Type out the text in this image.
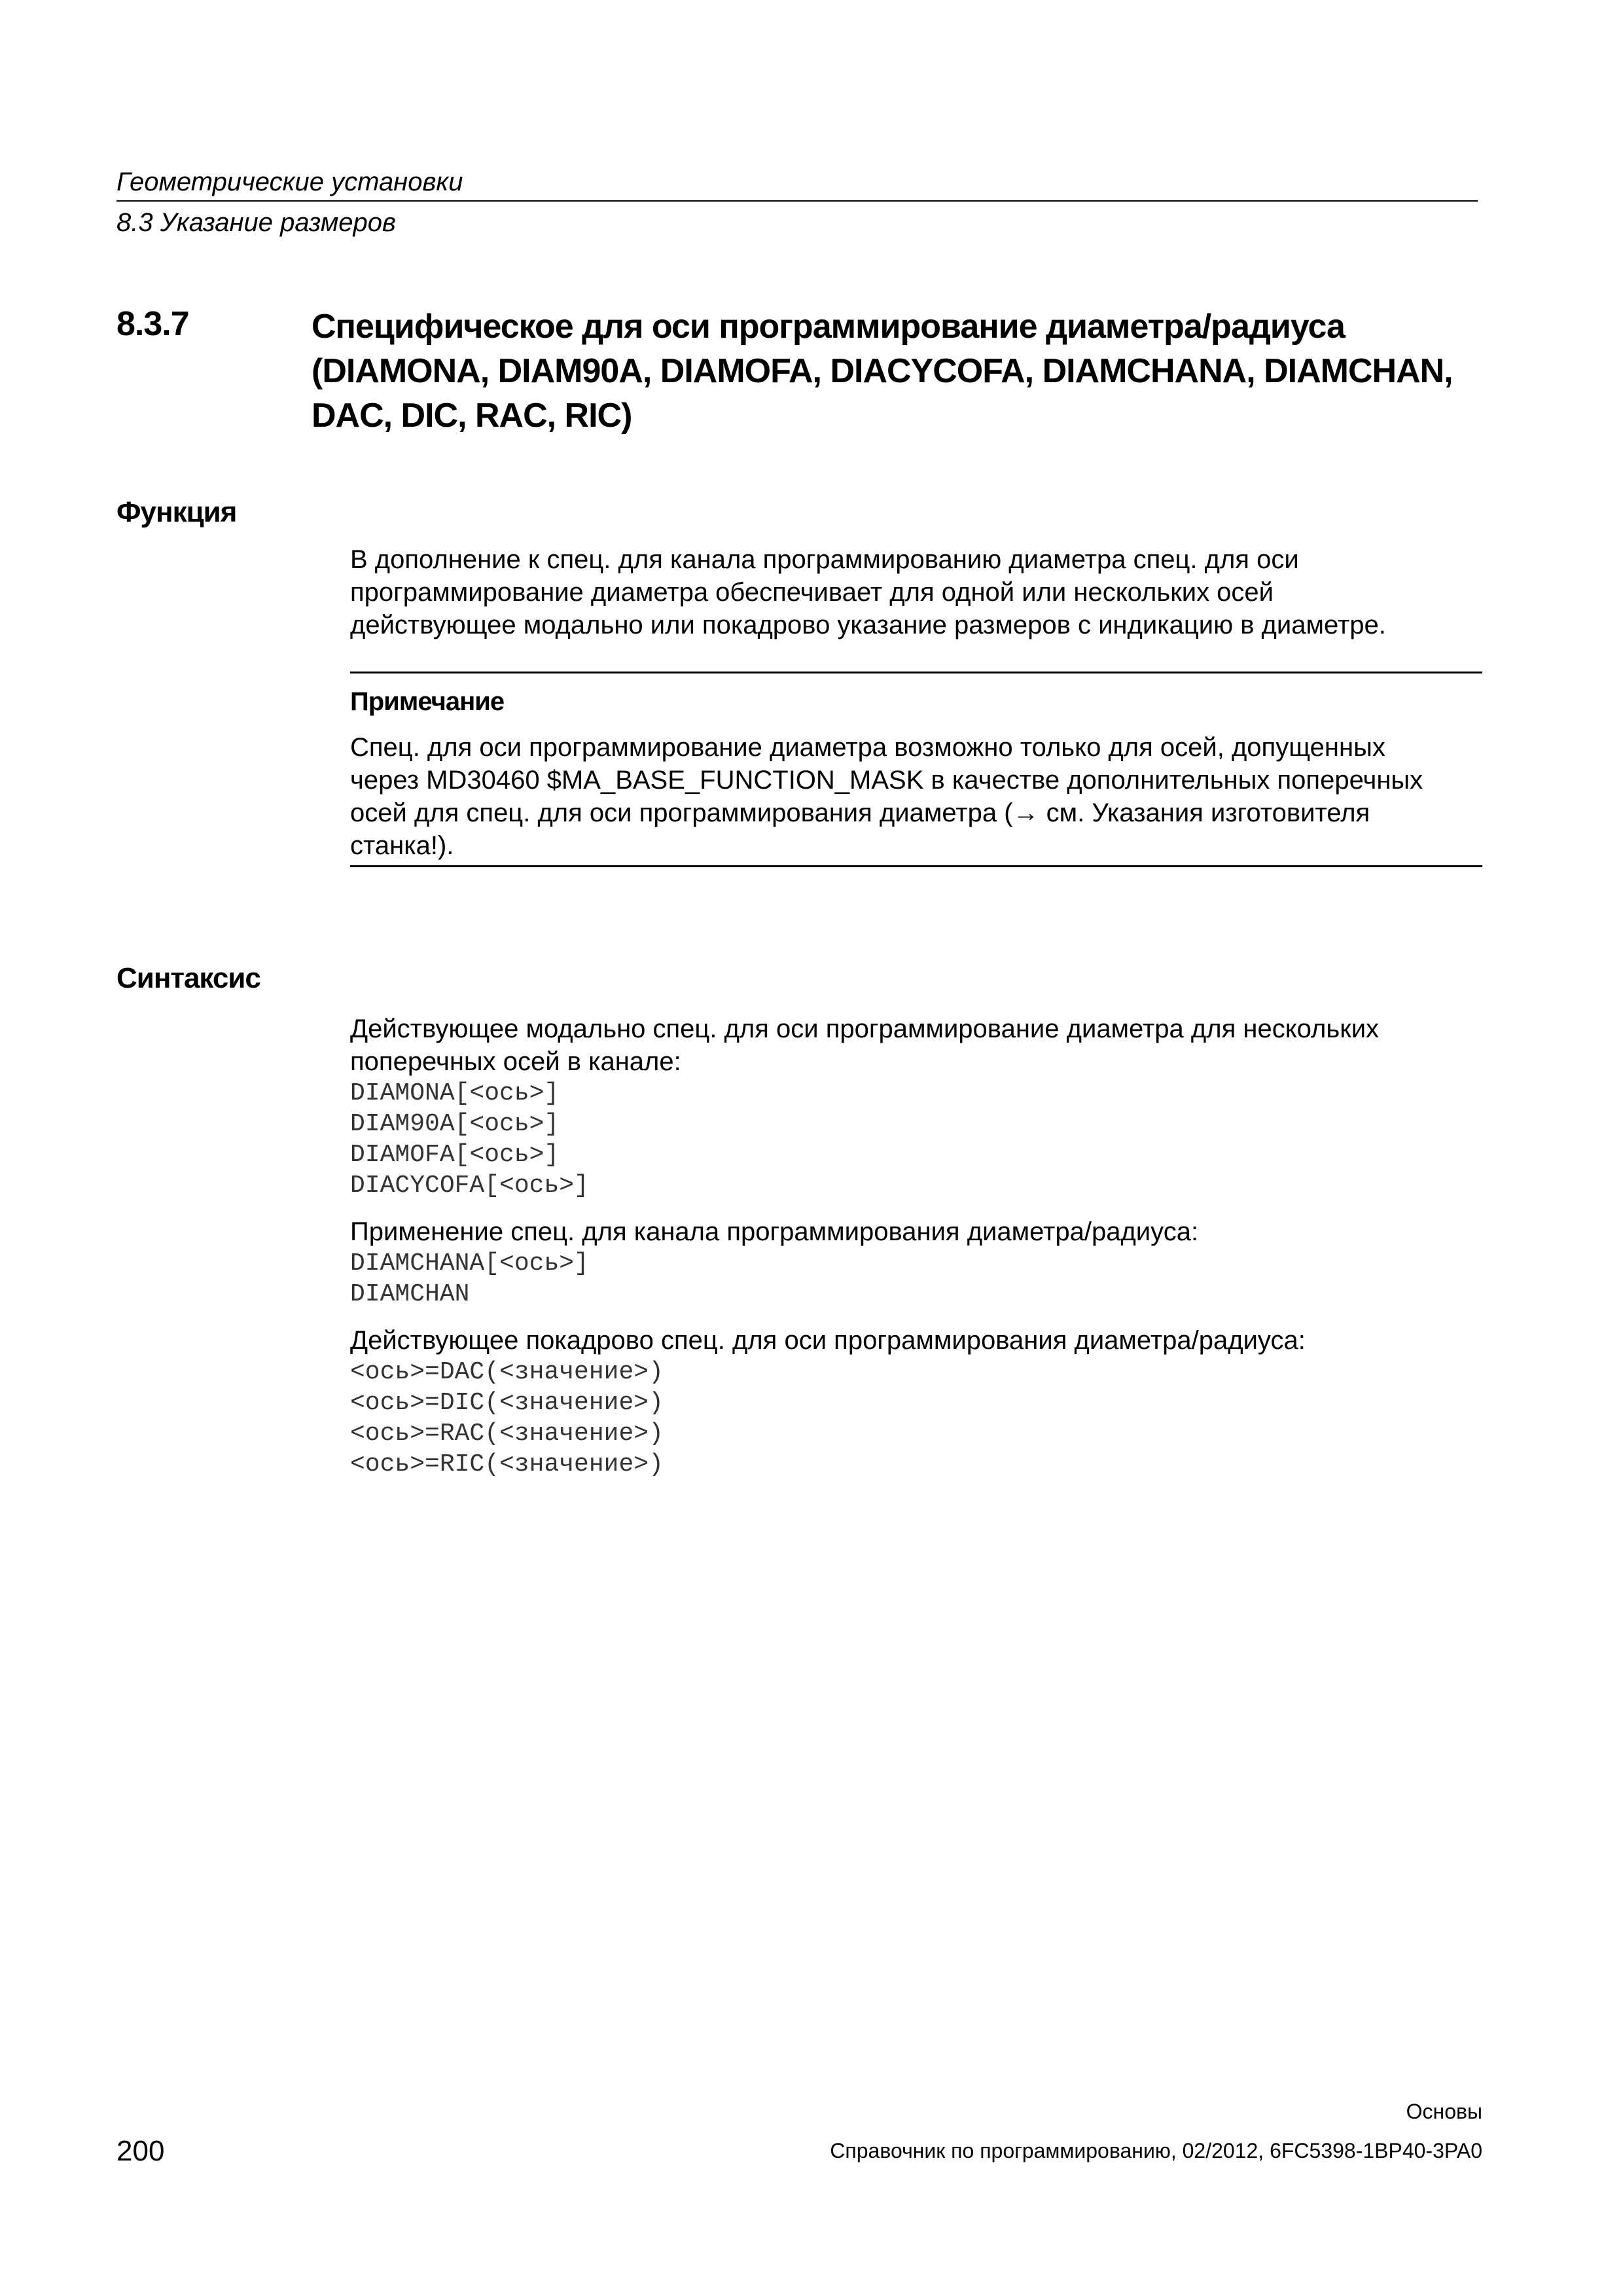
Геометрические установки
8.3 Указание размеров
8.3.7	Специфическое для оси программирование диаметра/радиуса (DIAMONA, DIAM90A, DIAMOFA, DIACYCOFA, DIAMCHANA, DIAMCHAN, DAC, DIC, RAC, RIC)
Функция
В дополнение к спец. для канала программированию диаметра спец. для оси
программирование диаметра обеспечивает для одной или нескольких осей
действующее модально или покадрово указание размеров с индикацию в диаметре.
Примечание
Спец. для оси программирование диаметра возможно только для осей, допущенных
через MD30460 $MA_BASE_FUNCTION_MASK в качестве дополнительных поперечных
осей для спец. для оси программирования диаметра (→ см. Указания изготовителя
станка!).
Синтаксис
Действующее модально спец. для оси программирование диаметра для нескольких
поперечных осей в канале:
DIAMONA[<ось>]
DIAM90A[<ось>]
DIAMOFA[<ось>]
DIACYCOFA[<ось>]
Применение спец. для канала программирования диаметра/радиуса:
DIAMCHANA[<ось>]
DIAMCHAN
Действующее покадрово спец. для оси программирования диаметра/радиуса:
<ось>=DAC(<значение>)
<ось>=DIC(<значение>)
<ось>=RAC(<значение>)
<ось>=RIC(<значение>)
Основы
200	Справочник по программированию, 02/2012, 6FC5398-1BP40-3PA0
